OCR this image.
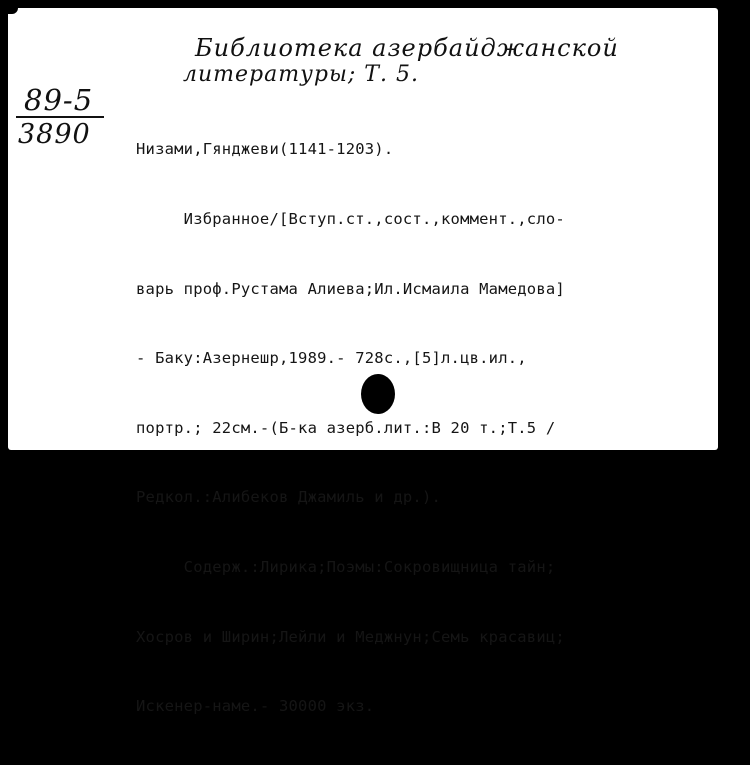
Библиотека азербайджанской
литературы; Т. 5.
89-5
3890

	Низами,Гянджеви(1141-1203).

Избранное/[Вступ.ст.,сост.,коммент.,сло-

варь проф.Рустама Алиева;Ил.Исмаила Мамедова]

- Баку:Азернешр,1989.- 728с.,[5]л.цв.ил.,

портр.; 22см.-(Б-ка азерб.лит.:В 20 т.;Т.5 /

Редкол.:Алибеков Джамиль и др.).

Содерж.:Лирика;Поэмы:Сокровищница тайн;

Хосров и Ширин;Лейли и Меджнун;Семь красавиц;

Искенер-наме.- 30000 экз.
